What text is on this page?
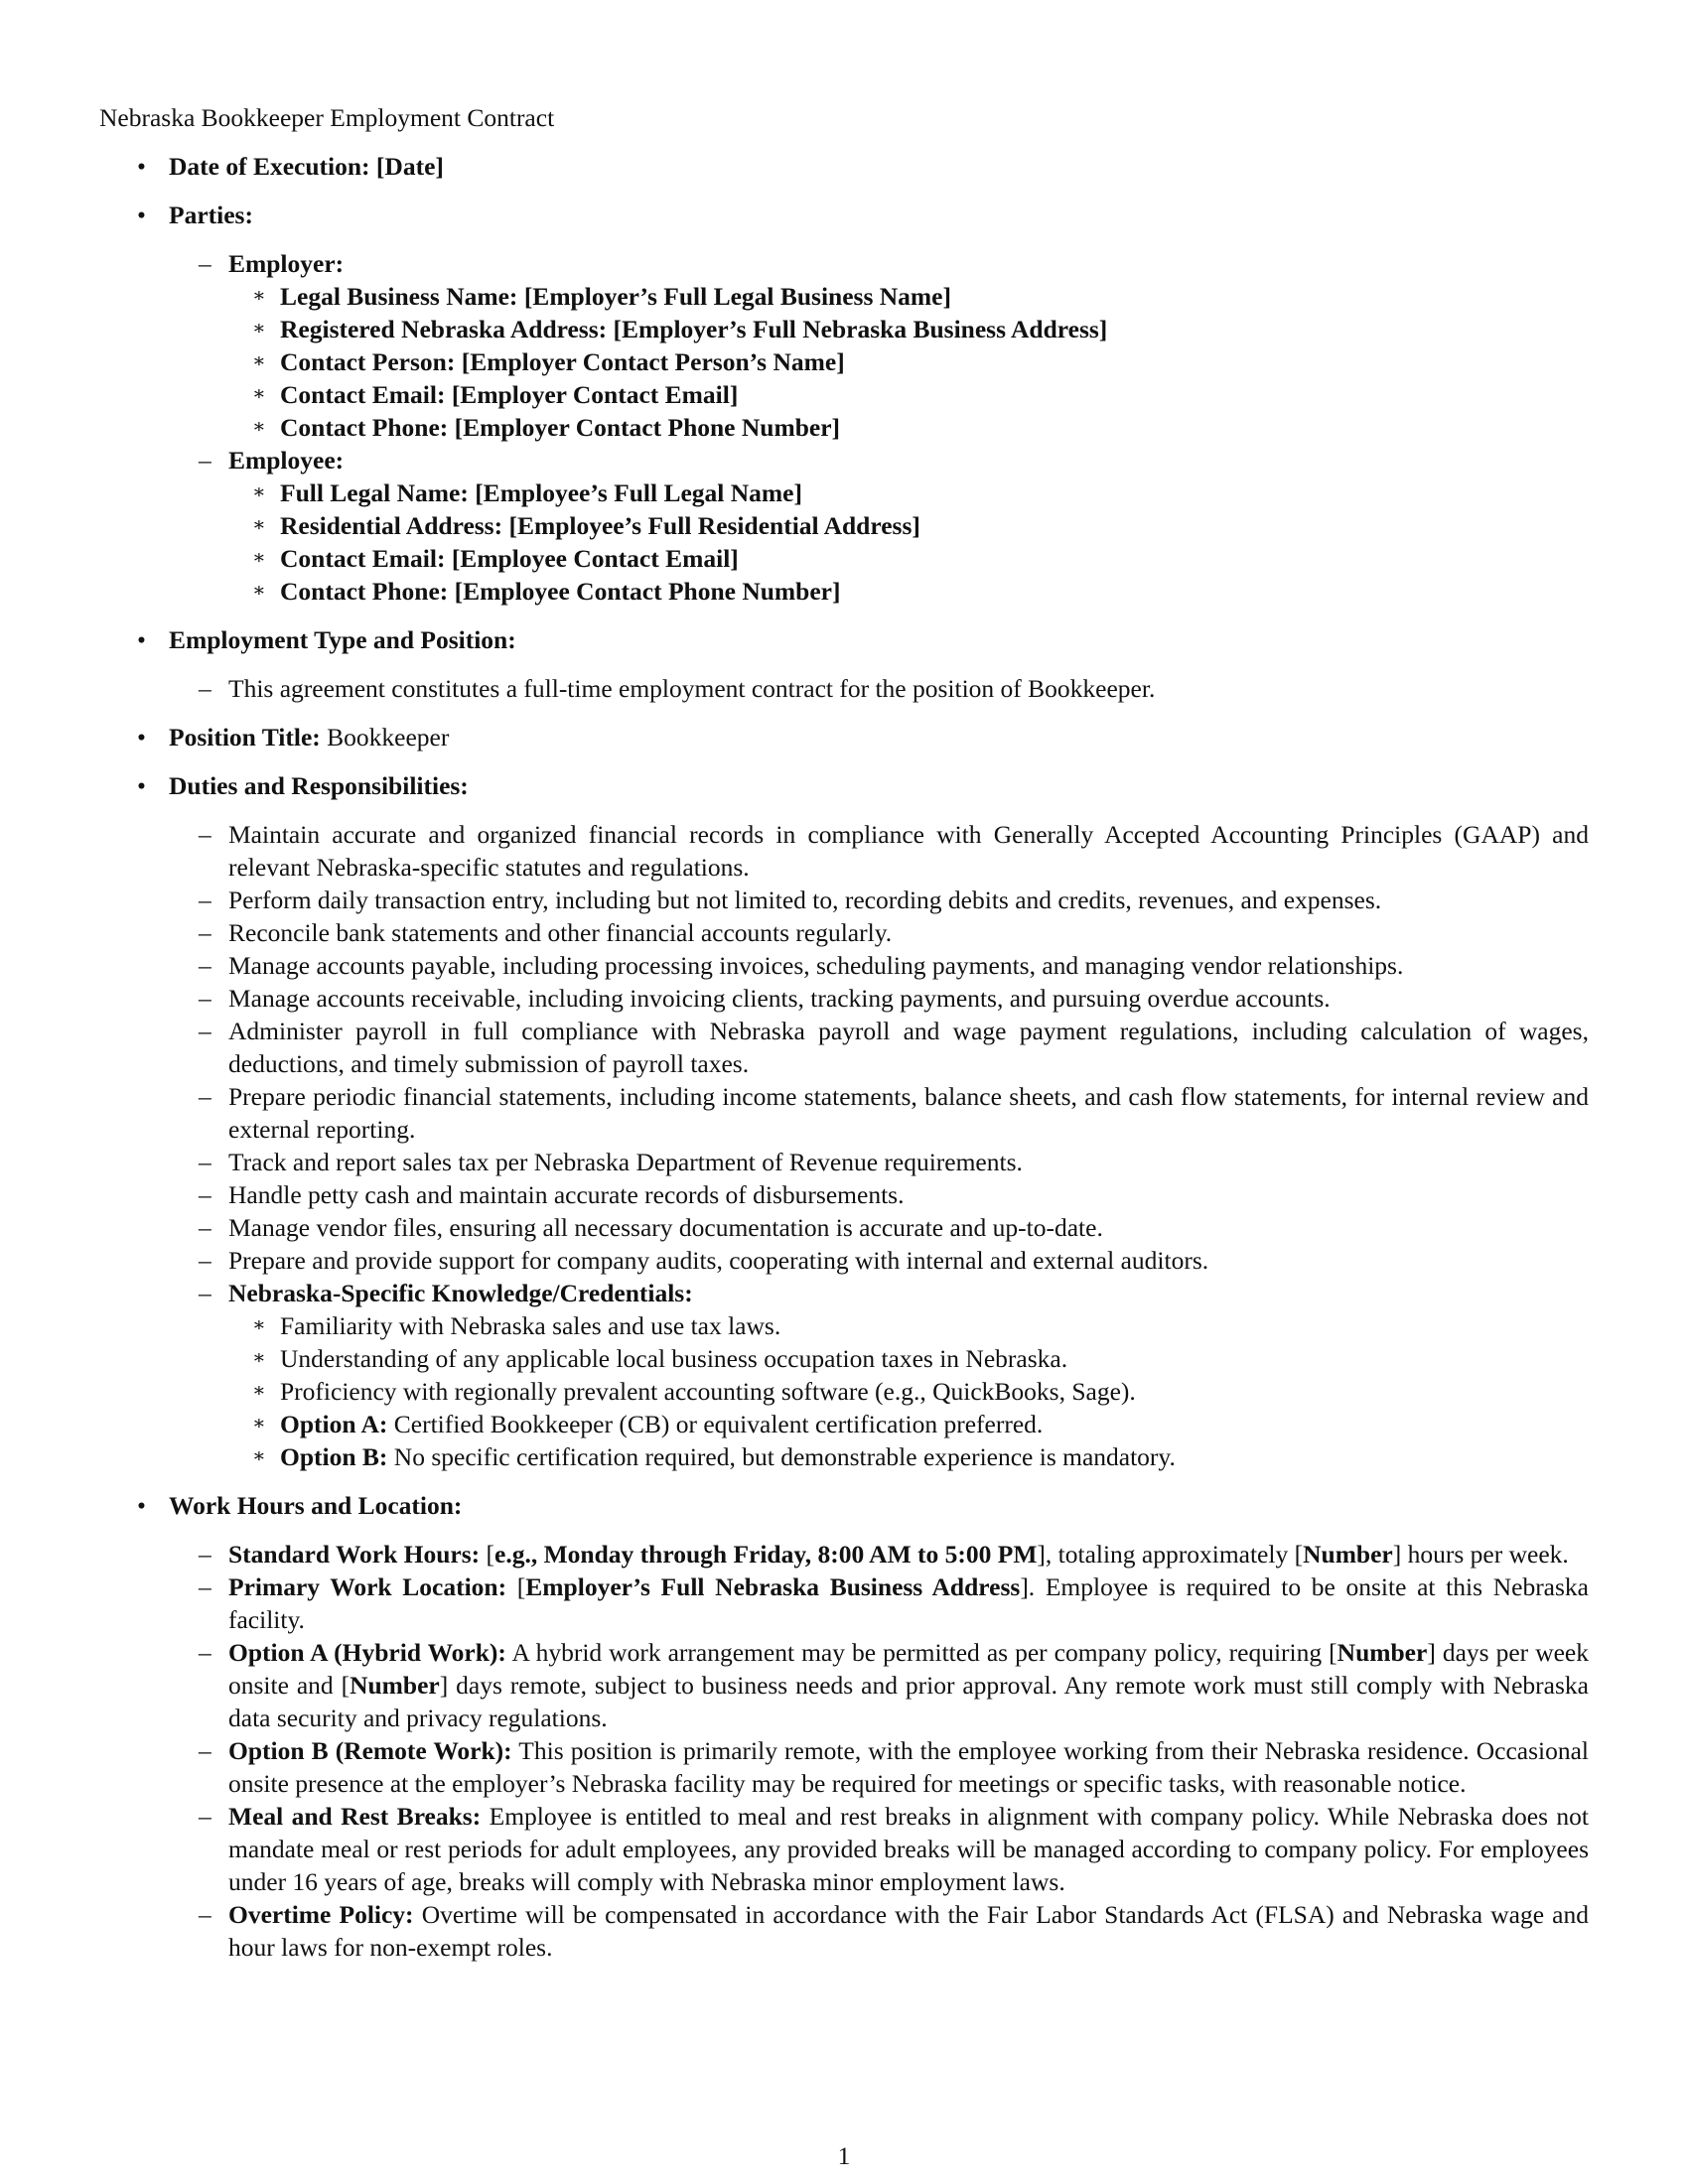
Nebraska Bookkeeper Employment Contract
• Date of Execution: [Date]
• Parties:
– Employer:
∗ Legal Business Name: [Employer’s Full Legal Business Name]
∗ Registered Nebraska Address: [Employer’s Full Nebraska Business Address]
∗ Contact Person: [Employer Contact Person’s Name]
∗ Contact Email: [Employer Contact Email]
∗ Contact Phone: [Employer Contact Phone Number]
– Employee:
∗ Full Legal Name: [Employee’s Full Legal Name]
∗ Residential Address: [Employee’s Full Residential Address]
∗ Contact Email: [Employee Contact Email]
∗ Contact Phone: [Employee Contact Phone Number]
• Employment Type and Position:
– This agreement constitutes a full-time employment contract for the position of Bookkeeper.
• Position Title: Bookkeeper
• Duties and Responsibilities:
– Maintain accurate and organized financial records in compliance with Generally Accepted Accounting Principles (GAAP) and relevant Nebraska-specific statutes and regulations.
– Perform daily transaction entry, including but not limited to, recording debits and credits, revenues, and expenses.
– Reconcile bank statements and other financial accounts regularly.
– Manage accounts payable, including processing invoices, scheduling payments, and managing vendor relationships.
– Manage accounts receivable, including invoicing clients, tracking payments, and pursuing overdue accounts.
– Administer payroll in full compliance with Nebraska payroll and wage payment regulations, including calculation of wages, deductions, and timely submission of payroll taxes.
– Prepare periodic financial statements, including income statements, balance sheets, and cash flow statements, for internal review and external reporting.
– Track and report sales tax per Nebraska Department of Revenue requirements.
– Handle petty cash and maintain accurate records of disbursements.
– Manage vendor files, ensuring all necessary documentation is accurate and up-to-date.
– Prepare and provide support for company audits, cooperating with internal and external auditors.
– Nebraska-Specific Knowledge/Credentials:
∗ Familiarity with Nebraska sales and use tax laws.
∗ Understanding of any applicable local business occupation taxes in Nebraska.
∗ Proficiency with regionally prevalent accounting software (e.g., QuickBooks, Sage).
∗ Option A: Certified Bookkeeper (CB) or equivalent certification preferred.
∗ Option B: No specific certification required, but demonstrable experience is mandatory.
• Work Hours and Location:
– Standard Work Hours: [e.g., Monday through Friday, 8:00 AM to 5:00 PM], totaling approximately [Number] hours per week.
– Primary Work Location: [Employer’s Full Nebraska Business Address]. Employee is required to be onsite at this Nebraska facility.
– Option A (Hybrid Work): A hybrid work arrangement may be permitted as per company policy, requiring [Number] days per week onsite and [Number] days remote, subject to business needs and prior approval. Any remote work must still comply with Nebraska data security and privacy regulations.
– Option B (Remote Work): This position is primarily remote, with the employee working from their Nebraska residence. Occasional onsite presence at the employer’s Nebraska facility may be required for meetings or specific tasks, with reasonable notice.
– Meal and Rest Breaks: Employee is entitled to meal and rest breaks in alignment with company policy. While Nebraska does not mandate meal or rest periods for adult employees, any provided breaks will be managed according to company policy. For employees under 16 years of age, breaks will comply with Nebraska minor employment laws.
– Overtime Policy: Overtime will be compensated in accordance with the Fair Labor Standards Act (FLSA) and Nebraska wage and hour laws for non-exempt roles.
1
